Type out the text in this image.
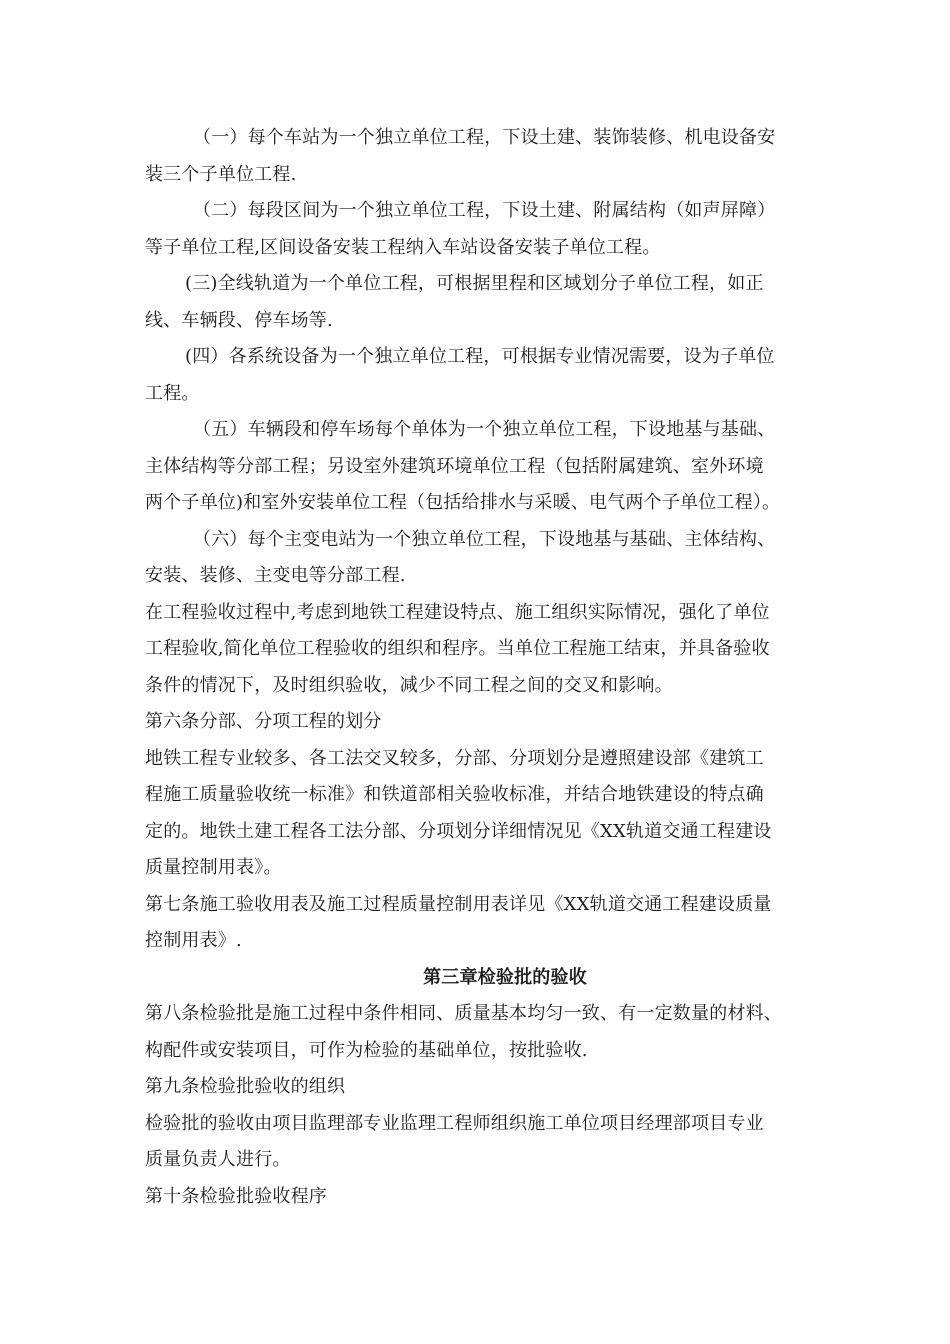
（一）每个车站为一个独立单位工程，下设土建、装饰装修、机电设备安
装三个子单位工程.
（二）每段区间为一个独立单位工程，下设土建、附属结构（如声屏障）
等子单位工程,区间设备安装工程纳入车站设备安装子单位工程。
(三)全线轨道为一个单位工程，可根据里程和区域划分子单位工程，如正
线、车辆段、停车场等.
(四）各系统设备为一个独立单位工程，可根据专业情况需要，设为子单位
工程。
（五）车辆段和停车场每个单体为一个独立单位工程，下设地基与基础、
主体结构等分部工程；另设室外建筑环境单位工程（包括附属建筑、室外环境
两个子单位)和室外安装单位工程（包括给排水与采暖、电气两个子单位工程）。
（六）每个主变电站为一个独立单位工程，下设地基与基础、主体结构、
安装、装修、主变电等分部工程.
在工程验收过程中,考虑到地铁工程建设特点、施工组织实际情况，强化了单位
工程验收,简化单位工程验收的组织和程序。当单位工程施工结束，并具备验收
条件的情况下，及时组织验收，减少不同工程之间的交叉和影响。
第六条分部、分项工程的划分
地铁工程专业较多、各工法交叉较多，分部、分项划分是遵照建设部《建筑工
程施工质量验收统一标准》和铁道部相关验收标准，并结合地铁建设的特点确
定的。地铁土建工程各工法分部、分项划分详细情况见《XX轨道交通工程建设
质量控制用表》。
第七条施工验收用表及施工过程质量控制用表详见《XX轨道交通工程建设质量
控制用表》.
第三章检验批的验收
第八条检验批是施工过程中条件相同、质量基本均匀一致、有一定数量的材料、
构配件或安装项目，可作为检验的基础单位，按批验收.
第九条检验批验收的组织
检验批的验收由项目监理部专业监理工程师组织施工单位项目经理部项目专业
质量负责人进行。
第十条检验批验收程序
